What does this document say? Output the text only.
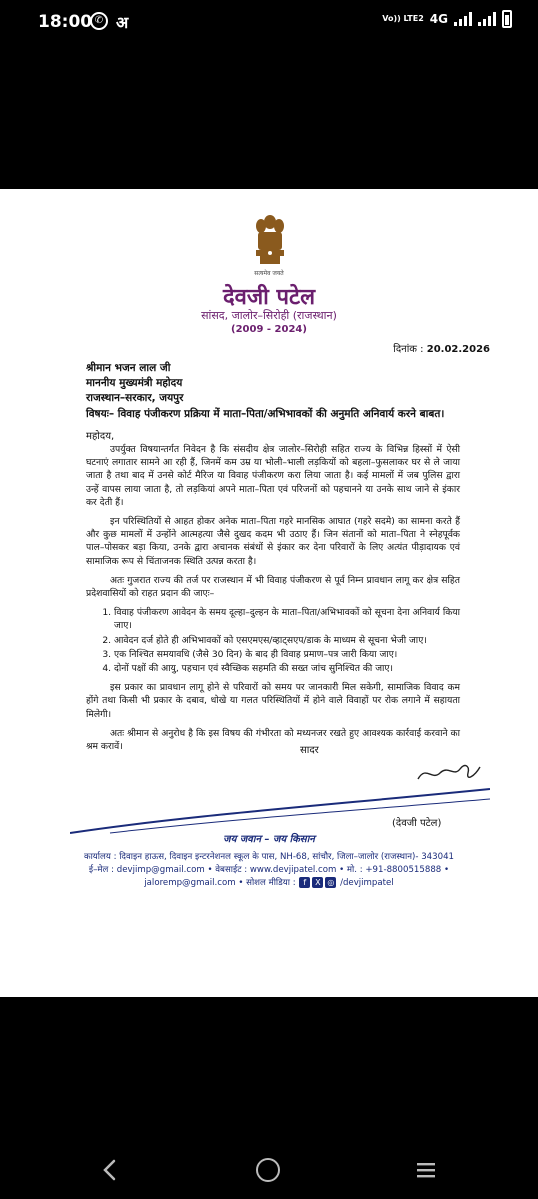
18:00 ✆ अ	Vo)) LTE2 4G
सत्यमेव जयते
देवजी पटेल
सांसद, जालोर–सिरोही (राजस्थान)
(2009 - 2024)
दिनांक : 20.02.2026
श्रीमान भजन लाल जी
माननीय मुख्यमंत्री महोदय
राजस्थान–सरकार, जयपुर
विषयः– विवाह पंजीकरण प्रक्रिया में माता–पिता/अभिभावकों की अनुमति अनिवार्य करने बाबत।
महोदय,

उपर्युक्त विषयान्तर्गत निवेदन है कि संसदीय क्षेत्र जालोर–सिरोही सहित राज्य के विभिन्न हिस्सों में ऐसी घटनाएं लगातार सामने आ रही हैं, जिनमें कम उम्र या भोली–भाली लड़कियों को बहला–फुसलाकर घर से ले जाया जाता है तथा बाद में उनसे कोर्ट मैरिज या विवाह पंजीकरण करा लिया जाता है। कई मामलों में जब पुलिस द्वारा उन्हें वापस लाया जाता है, तो लड़कियां अपने माता–पिता एवं परिजनों को पहचानने या उनके साथ जाने से इंकार कर देती हैं।

इन परिस्थितियों से आहत होकर अनेक माता–पिता गहरे मानसिक आघात (गहरे सदमे) का सामना करते हैं और कुछ मामलों में उन्होंने आत्महत्या जैसे दुखद कदम भी उठाए हैं। जिन संतानों को माता–पिता ने स्नेहपूर्वक पाल–पोसकर बड़ा किया, उनके द्वारा अचानक संबंधों से इंकार कर देना परिवारों के लिए अत्यंत पीड़ादायक एवं सामाजिक रूप से चिंताजनक स्थिति उत्पन्न करता है।

अतः गुजरात राज्य की तर्ज पर राजस्थान में भी विवाह पंजीकरण से पूर्व निम्न प्रावधान लागू कर क्षेत्र सहित प्रदेशवासियों को राहत प्रदान की जाएः–

1. विवाह पंजीकरण आवेदन के समय दूल्हा–दुल्हन के माता–पिता/अभिभावकों को सूचना देना अनिवार्य किया जाए।
2. आवेदन दर्ज होते ही अभिभावकों को एसएमएस/व्हाट्सएप/डाक के माध्यम से सूचना भेजी जाए।
3. एक निश्चित समयावधि (जैसे 30 दिन) के बाद ही विवाह प्रमाण–पत्र जारी किया जाए।
4. दोनों पक्षों की आयु, पहचान एवं स्वैच्छिक सहमति की सख्त जांच सुनिश्चित की जाए।

इस प्रकार का प्रावधान लागू होने से परिवारों को समय पर जानकारी मिल सकेगी, सामाजिक विवाद कम होंगे तथा किसी भी प्रकार के दबाव, धोखे या गलत परिस्थितियों में होने वाले विवाहों पर रोक लगाने में सहायता मिलेगी।

अतः श्रीमान से अनुरोध है कि इस विषय की गंभीरता को मध्यनजर रखते हुए आवश्यक कार्रवाई करवाने का श्रम करावें।	सादर
(देवजी पटेल)
जय जवान – जय किसान
कार्यालय : दिवाइन हाऊस, दिवाइन इन्टरनेशनल स्कूल के पास, NH-68, सांचौर, जिला–जालोर (राजस्थान)- 343041
ई–मेल : devjimp@gmail.com • वेबसाईट : www.devjipatel.com • मो. : +91-8800515888 •
jaloremp@gmail.com • सोशल मीडिया : f X ◎ /devjimpatel
